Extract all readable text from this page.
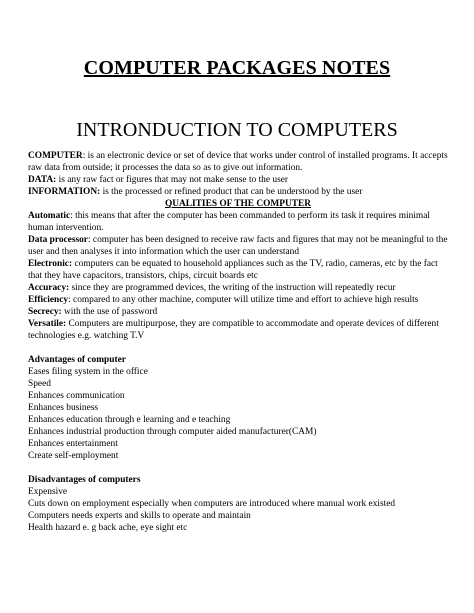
COMPUTER PACKAGES NOTES
INTRONDUCTION TO COMPUTERS

COMPUTER: is an electronic device or set of device that works under control of installed programs. It accepts raw data from outside; it processes the data so as to give out information.

DATA: is any raw fact or figures that may not make sense to the user

INFORMATION: is the processed or refined product that can be understood by the user

QUALITIES OF THE COMPUTER

Automatic: this means that after the computer has been commanded to perform its task it requires minimal human intervention.

Data processor: computer has been designed to receive raw facts and figures that may not be meaningful to the user and then analyses it into information which the user can understand

Electronic: computers can be equated to household appliances such as the TV, radio, cameras, etc by the fact that they have capacitors, transistors, chips, circuit boards etc

Accuracy: since they are programmed devices, the writing of the instruction will repeatedly recur

Efficiency: compared to any other machine, computer will utilize time and effort to achieve high results

Secrecy: with the use of password

Versatile: Computers are multipurpose, they are compatible to accommodate and operate devices of different technologies e.g. watching T.V

Advantages of computer

Eases filing system in the office

Speed

Enhances communication

Enhances business

Enhances education through e learning and e teaching

Enhances industrial production through computer aided manufacturer(CAM)

Enhances entertainment

Create self-employment

Disadvantages of computers

Expensive

Cuts down on employment especially when computers are introduced where manual work existed

Computers needs experts and skills to operate and maintain

Health hazard e. g back ache, eye sight etc
